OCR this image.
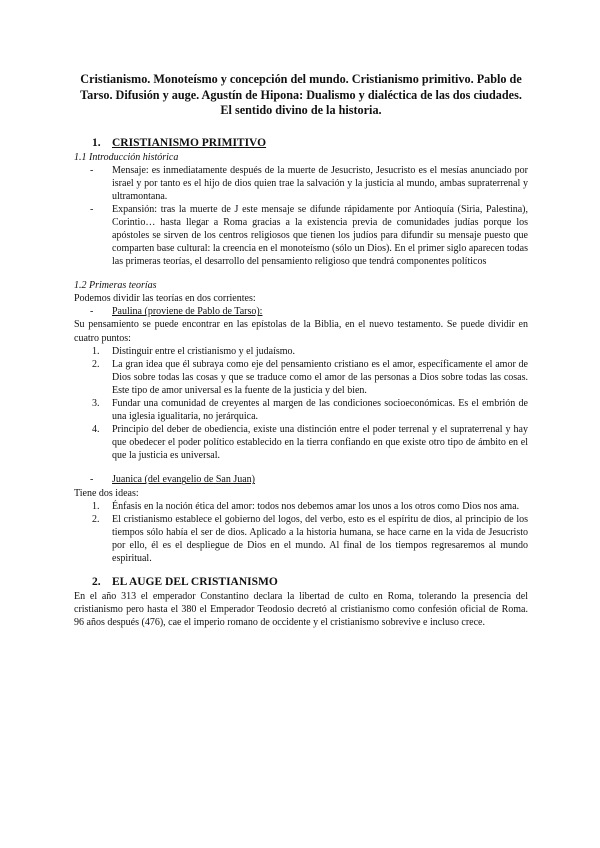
Cristianismo. Monoteísmo y concepción del mundo. Cristianismo primitivo. Pablo de Tarso. Difusión y auge. Agustín de Hipona: Dualismo y dialéctica de las dos ciudades. El sentido divino de la historia.

1. CRISTIANISMO PRIMITIVO

1.1 Introducción histórica

- Mensaje: es inmediatamente después de la muerte de Jesucristo, Jesucristo es el mesías anunciado por israel y por tanto es el hijo de dios quien trae la salvación y la justicia al mundo, ambas supraterrenal y ultramontana.
- Expansión: tras la muerte de J este mensaje se difunde rápidamente por Antioquía (Siria, Palestina), Corintio… hasta llegar a Roma gracias a la existencia previa de comunidades judías porque los apóstoles se sirven de los centros religiosos que tienen los judíos para difundir su mensaje puesto que comparten base cultural: la creencia en el monoteísmo (sólo un Dios). En el primer siglo aparecen todas las primeras teorías, el desarrollo del pensamiento religioso que tendrá componentes políticos

1.2 Primeras teorías

Podemos dividir las teorías en dos corrientes:

- Paulina (proviene de Pablo de Tarso):

Su pensamiento se puede encontrar en las epístolas de la Biblia, en el nuevo testamento. Se puede dividir en cuatro puntos:

1. Distinguir entre el cristianismo y el judaísmo.
2. La gran idea que él subraya como eje del pensamiento cristiano es el amor, específicamente el amor de Dios sobre todas las cosas y que se traduce como el amor de las personas a Dios sobre todas las cosas. Este tipo de amor universal es la fuente de la justicia y del bien.
3. Fundar una comunidad de creyentes al margen de las condiciones socioeconómicas. Es el embrión de una iglesia igualitaria, no jerárquica.
4. Principio del deber de obediencia, existe una distinción entre el poder terrenal y el supraterrenal y hay que obedecer el poder político establecido en la tierra confiando en que existe otro tipo de ámbito en el que la justicia es universal.
- Juanica (del evangelio de San Juan)

Tiene dos ideas:

1. Énfasis en la noción ética del amor: todos nos debemos amar los unos a los otros como Dios nos ama.
2. El cristianismo establece el gobierno del logos, del verbo, esto es el espíritu de dios, al principio de los tiempos sólo había el ser de dios. Aplicado a la historia humana, se hace carne en la vida de Jesucristo por ello, él es el despliegue de Dios en el mundo. Al final de los tiempos regresaremos al mundo espiritual.
2. EL AUGE DEL CRISTIANISMO

En el año 313 el emperador Constantino declara la libertad de culto en Roma, tolerando la presencia del cristianismo pero hasta el 380 el Emperador Teodosio decretó al cristianismo como confesión oficial de Roma. 96 años después (476), cae el imperio romano de occidente y el cristianismo sobrevive e incluso crece.
